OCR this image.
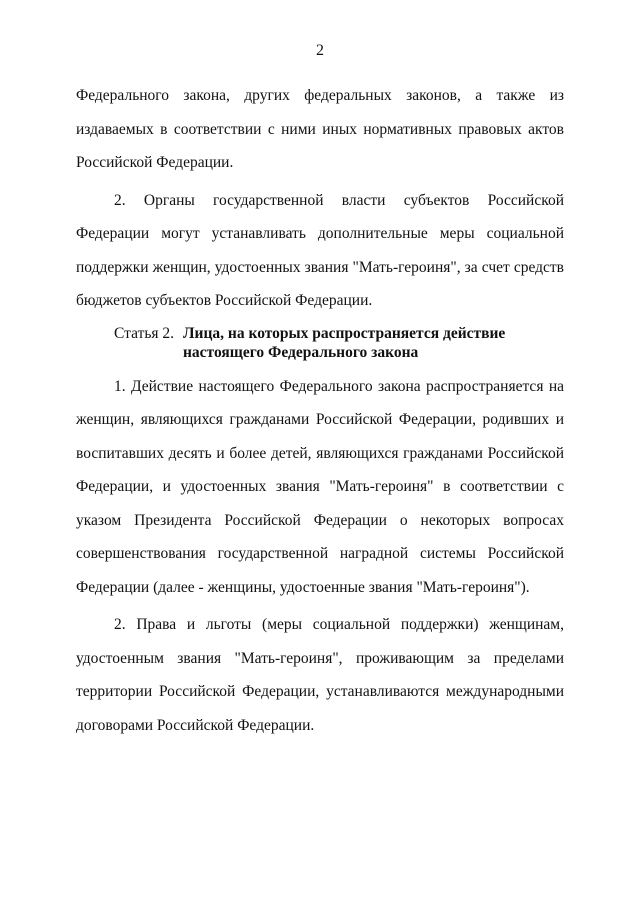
2

Федерального закона, других федеральных законов, а также из издаваемых в соответствии с ними иных нормативных правовых актов Российской Федерации.

2. Органы государственной власти субъектов Российской Федерации могут устанавливать дополнительные меры социальной поддержки женщин, удостоенных звания "Мать-героиня", за счет средств бюджетов субъектов Российской Федерации.

Статья 2. Лица, на которых распространяется действие настоящего Федерального закона

1. Действие настоящего Федерального закона распространяется на женщин, являющихся гражданами Российской Федерации, родивших и воспитавших десять и более детей, являющихся гражданами Российской Федерации, и удостоенных звания "Мать-героиня" в соответствии с указом Президента Российской Федерации о некоторых вопросах совершенствования государственной наградной системы Российской Федерации (далее - женщины, удостоенные звания "Мать-героиня").

2. Права и льготы (меры социальной поддержки) женщинам, удостоенным звания "Мать-героиня", проживающим за пределами территории Российской Федерации, устанавливаются международными договорами Российской Федерации.
